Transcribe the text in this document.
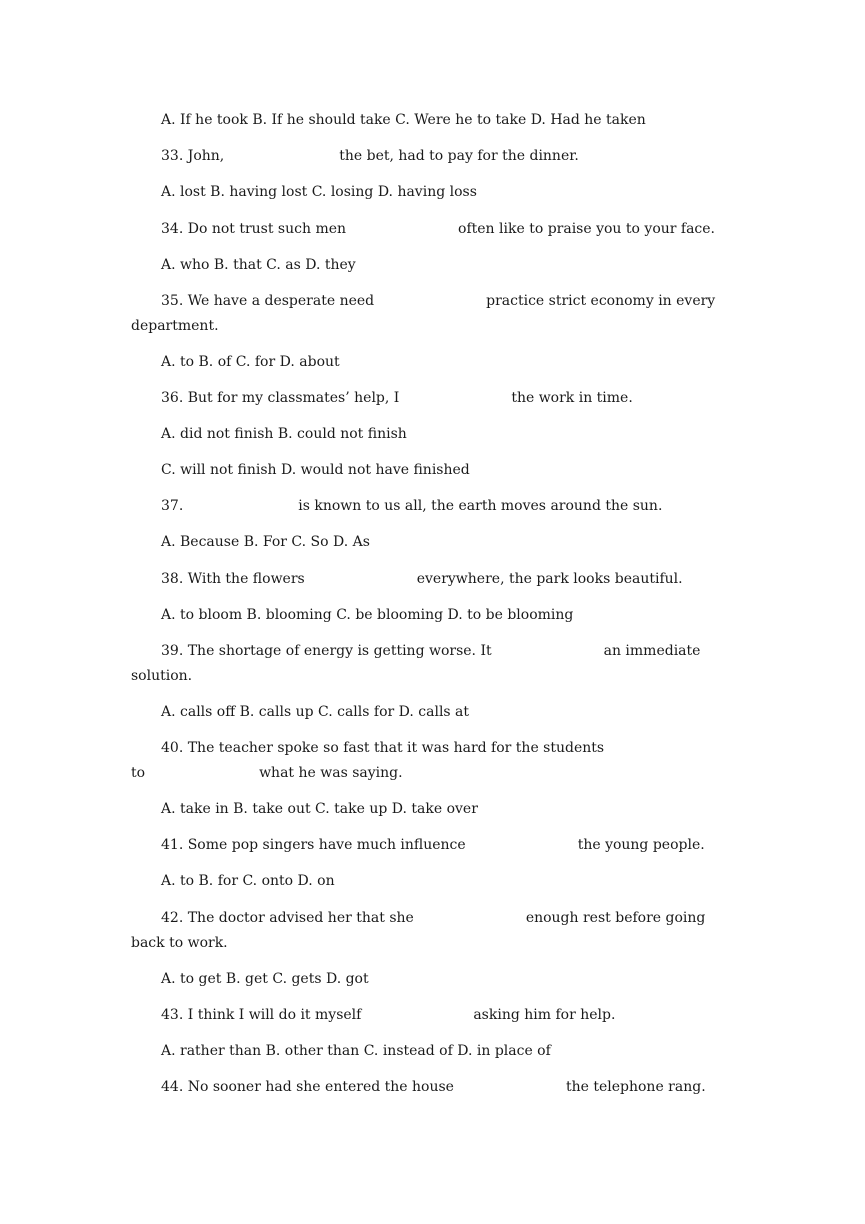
A. If he took B. If he should take C. Were he to take D. Had he taken
33. John,	the bet, had to pay for the dinner.
A. lost B. having lost C. losing D. having loss
34. Do not trust such men	often like to praise you to your face.
A. who B. that C. as D. they
35. We have a desperate need	practice strict economy in every
department.
A. to B. of C. for D. about
36. But for my classmates’ help, I	the work in time.
A. did not finish B. could not finish
C. will not finish D. would not have finished
37.	is known to us all, the earth moves around the sun.
A. Because B. For C. So D. As
38. With the flowers	everywhere, the park looks beautiful.
A. to bloom B. blooming C. be blooming D. to be blooming
39. The shortage of energy is getting worse. It	an immediate
solution.
A. calls off B. calls up C. calls for D. calls at
40. The teacher spoke so fast that it was hard for the students
to	what he was saying.
A. take in B. take out C. take up D. take over
41. Some pop singers have much influence	the young people.
A. to B. for C. onto D. on
42. The doctor advised her that she	enough rest before going
back to work.
A. to get B. get C. gets D. got
43. I think I will do it myself	asking him for help.
A. rather than B. other than C. instead of D. in place of
44. No sooner had she entered the house	the telephone rang.
